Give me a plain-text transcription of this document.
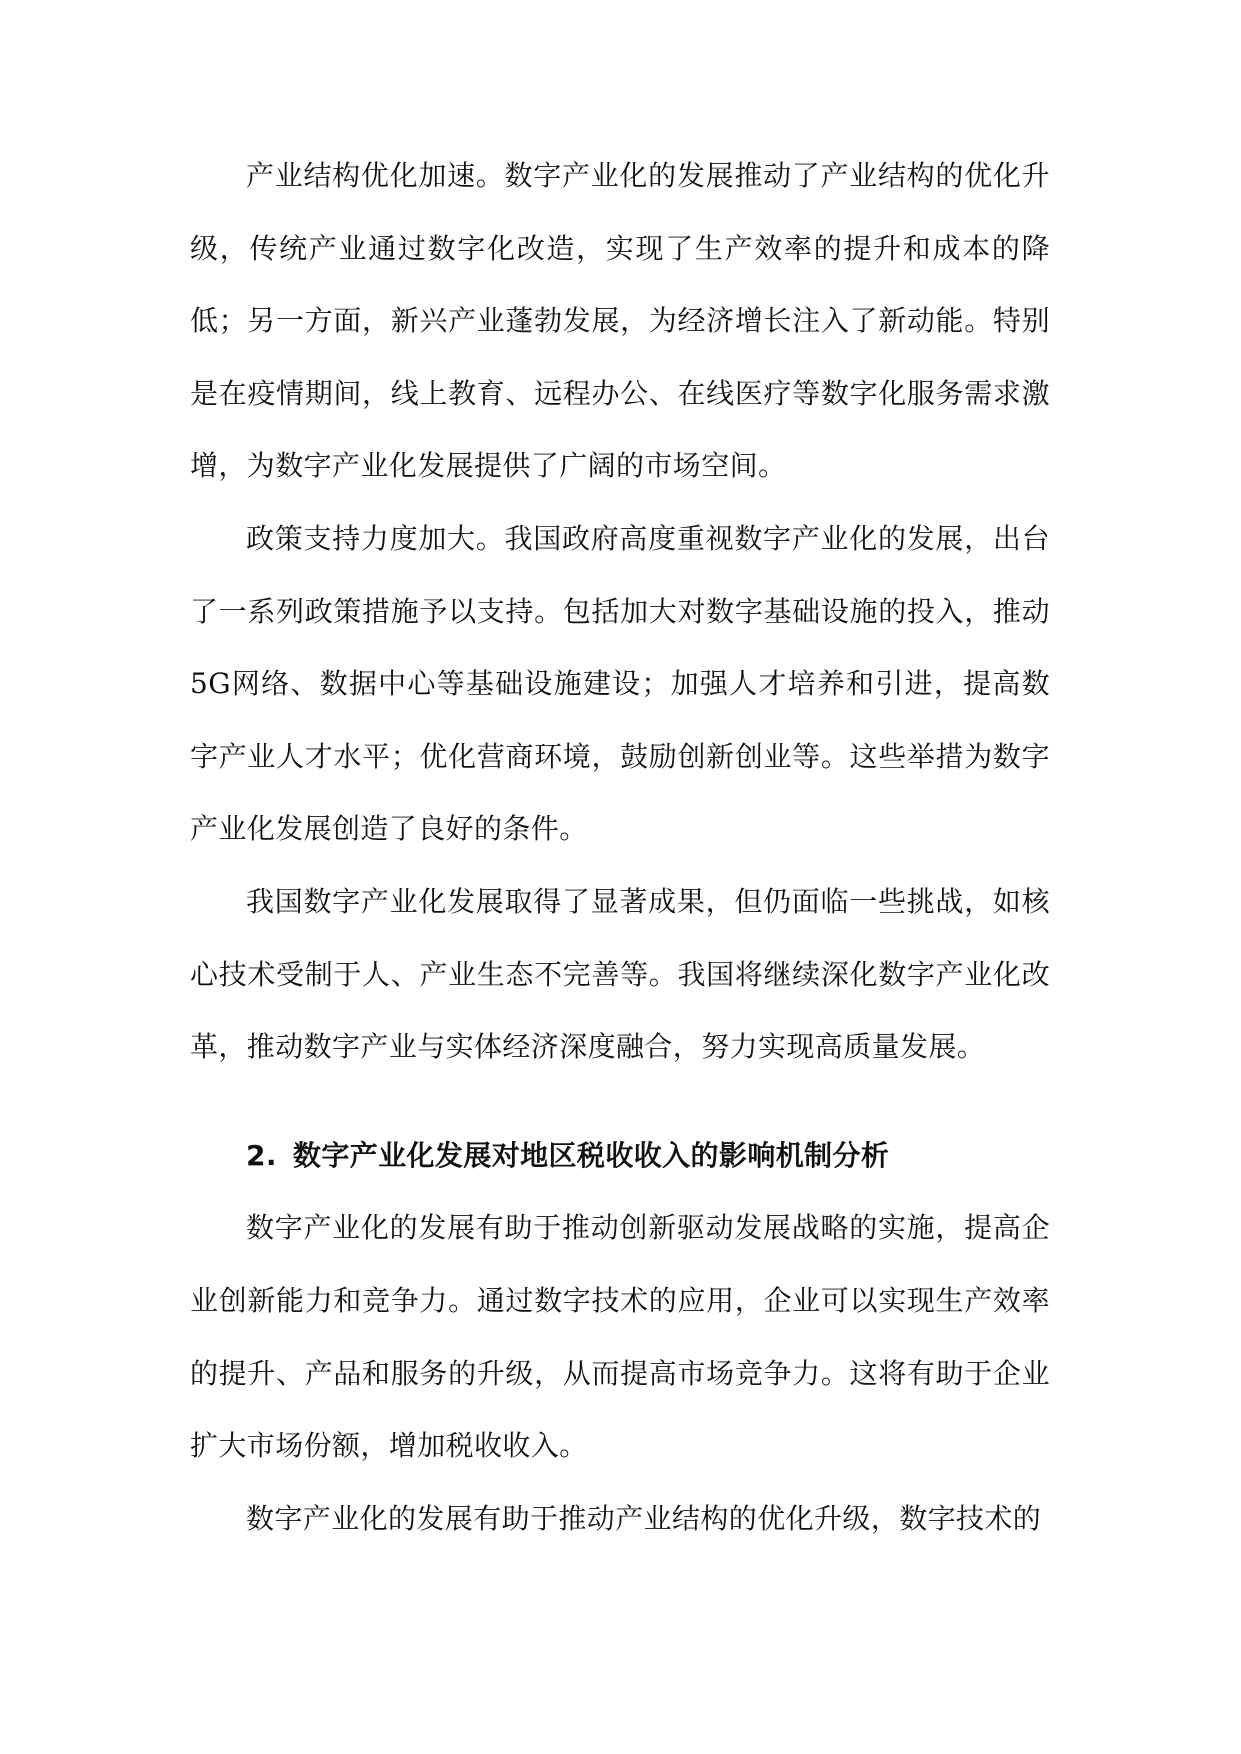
产业结构优化加速。数字产业化的发展推动了产业结构的优化升级，传统产业通过数字化改造，实现了生产效率的提升和成本的降低；另一方面，新兴产业蓬勃发展，为经济增长注入了新动能。特别是在疫情期间，线上教育、远程办公、在线医疗等数字化服务需求激增，为数字产业化发展提供了广阔的市场空间。

政策支持力度加大。我国政府高度重视数字产业化的发展，出台了一系列政策措施予以支持。包括加大对数字基础设施的投入，推动5G网络、数据中心等基础设施建设；加强人才培养和引进，提高数字产业人才水平；优化营商环境，鼓励创新创业等。这些举措为数字产业化发展创造了良好的条件。

我国数字产业化发展取得了显著成果，但仍面临一些挑战，如核心技术受制于人、产业生态不完善等。我国将继续深化数字产业化改革，推动数字产业与实体经济深度融合，努力实现高质量发展。

2. 数字产业化发展对地区税收收入的影响机制分析

数字产业化的发展有助于推动创新驱动发展战略的实施，提高企业创新能力和竞争力。通过数字技术的应用，企业可以实现生产效率的提升、产品和服务的升级，从而提高市场竞争力。这将有助于企业扩大市场份额，增加税收收入。

数字产业化的发展有助于推动产业结构的优化升级，数字技术的
